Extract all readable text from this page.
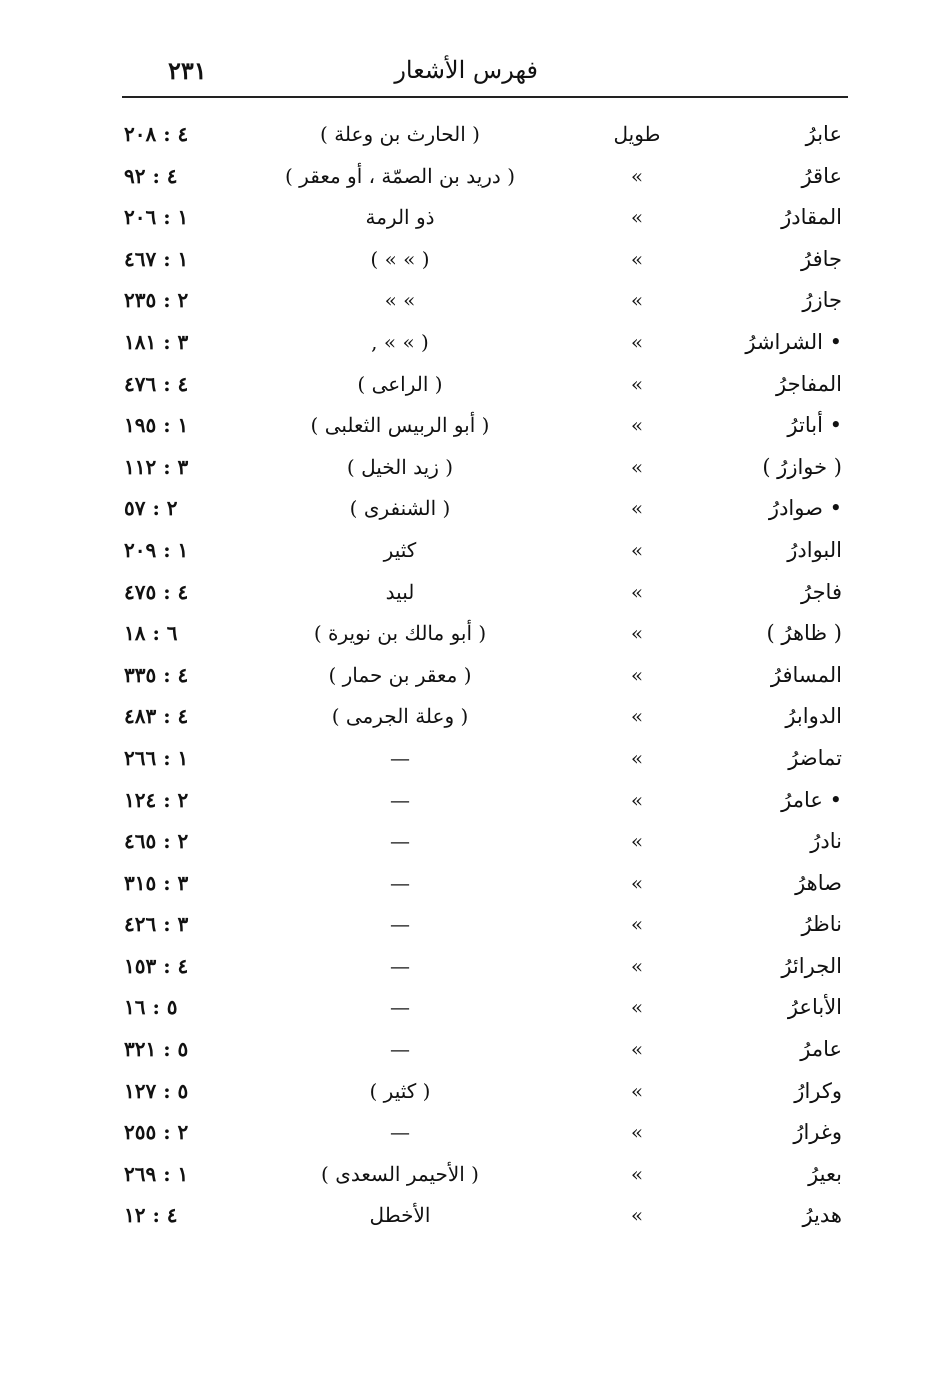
فهرس الأشعار
٢٣١
عابرُ
طويل
( الحارث بن وعلة )
٤ : ٢٠٨
عاقرُ
»
( دريد بن الصمّة ، أو معقر )
٤ : ٩٢
المقادرُ
»
ذو الرمة
١ : ٢٠٦
جافرُ
»
( » » )
١ : ٤٦٧
جازرُ
»
» »
٢ : ٢٣٥
• الشراشرُ
»
( » » ,
٣ : ١٨١
المفاجرُ
»
( الراعى )
٤ : ٤٧٦
• أباترُ
»
( أبو الربيس الثعلبى )
١ : ١٩٥
( خوازرُ )
»
( زيد الخيل )
٣ : ١١٢
• صوادرُ
»
( الشنفرى )
٢ : ٥٧
البوادرُ
»
كثير
١ : ٢٠٩
فاجرُ
»
لبيد
٤ : ٤٧٥
( ظاهرُ )
»
( أبو مالك بن نويرة )
٦ : ١٨
المسافرُ
»
( معقر بن حمار )
٤ : ٣٣٥
الدوابرُ
»
( وعلة الجرمى )
٤ : ٤٨٣
تماضرُ
»
—
١ : ٢٦٦
• عامرُ
»
—
٢ : ١٢٤
نادرُ
»
—
٢ : ٤٦٥
صاهرُ
»
—
٣ : ٣١٥
ناظرُ
»
—
٣ : ٤٢٦
الجرائرُ
»
—
٤ : ١٥٣
الأباعرُ
»
—
٥ : ١٦
عامرُ
»
—
٥ : ٣٢١
وكرارُ
»
( كثير )
٥ : ١٢٧
وغرارُ
»
—
٢ : ٢٥٥
بعيرُ
»
( الأحيمر السعدى )
١ : ٢٦٩
هديرُ
»
الأخطل
٤ : ١٢
